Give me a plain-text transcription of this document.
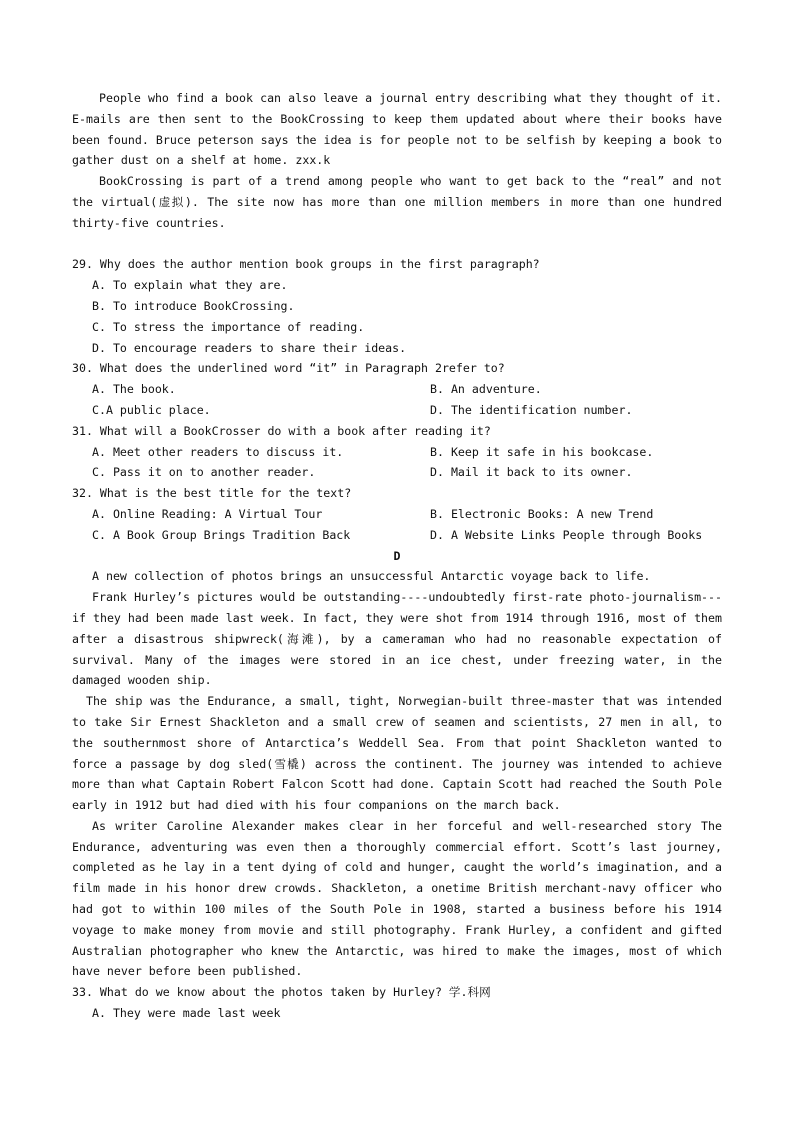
People who find a book can also leave a journal entry describing what they thought of it. E-mails are then sent to the BookCrossing to keep them updated about where their books have been found. Bruce peterson says the idea is for people not to be selfish by keeping a book to gather dust on a shelf at home. zxx.k

BookCrossing is part of a trend among people who want to get back to the “real” and not the virtual(虚拟). The site now has more than one million members in more than one hundred thirty-five countries.

29. Why does the author mention book groups in the first paragraph?

A. To explain what they are.

B. To introduce BookCrossing.

C. To stress the importance of reading.

D. To encourage readers to share their ideas.

30. What does the underlined word “it” in Paragraph 2refer to?

A. The book.	B. An adventure.

C.A public place.	D. The identification number.

31. What will a BookCrosser do with a book after reading it?

A. Meet other readers to discuss it.	B. Keep it safe in his bookcase.

C. Pass it on to another reader.	D. Mail it back to its owner.

32. What is the best title for the text?

A. Online Reading: A Virtual Tour	B. Electronic Books: A new Trend

C. A Book Group Brings Tradition Back	D. A Website Links People through Books

D

A new collection of photos brings an unsuccessful Antarctic voyage back to life.

Frank Hurley’s pictures would be outstanding----undoubtedly first-rate photo-journalism---if they had been made last week. In fact, they were shot from 1914 through 1916, most of them after a disastrous shipwreck(海滩), by a cameraman who had no reasonable expectation of survival. Many of the images were stored in an ice chest, under freezing water, in the damaged wooden ship.

The ship was the Endurance, a small, tight, Norwegian-built three-master that was intended to take Sir Ernest Shackleton and a small crew of seamen and scientists, 27 men in all, to the southernmost shore of Antarctica’s Weddell Sea. From that point Shackleton wanted to force a passage by dog sled(雪橇) across the continent. The journey was intended to achieve more than what Captain Robert Falcon Scott had done. Captain Scott had reached the South Pole early in 1912 but had died with his four companions on the march back.

As writer Caroline Alexander makes clear in her forceful and well-researched story The Endurance, adventuring was even then a thoroughly commercial effort. Scott’s last journey, completed as he lay in a tent dying of cold and hunger, caught the world’s imagination, and a film made in his honor drew crowds. Shackleton, a onetime British merchant-navy officer who had got to within 100 miles of the South Pole in 1908, started a business before his 1914 voyage to make money from movie and still photography. Frank Hurley, a confident and gifted Australian photographer who knew the Antarctic, was hired to make the images, most of which have never before been published.

33. What do we know about the photos taken by Hurley? 学.科网

A. They were made last week
